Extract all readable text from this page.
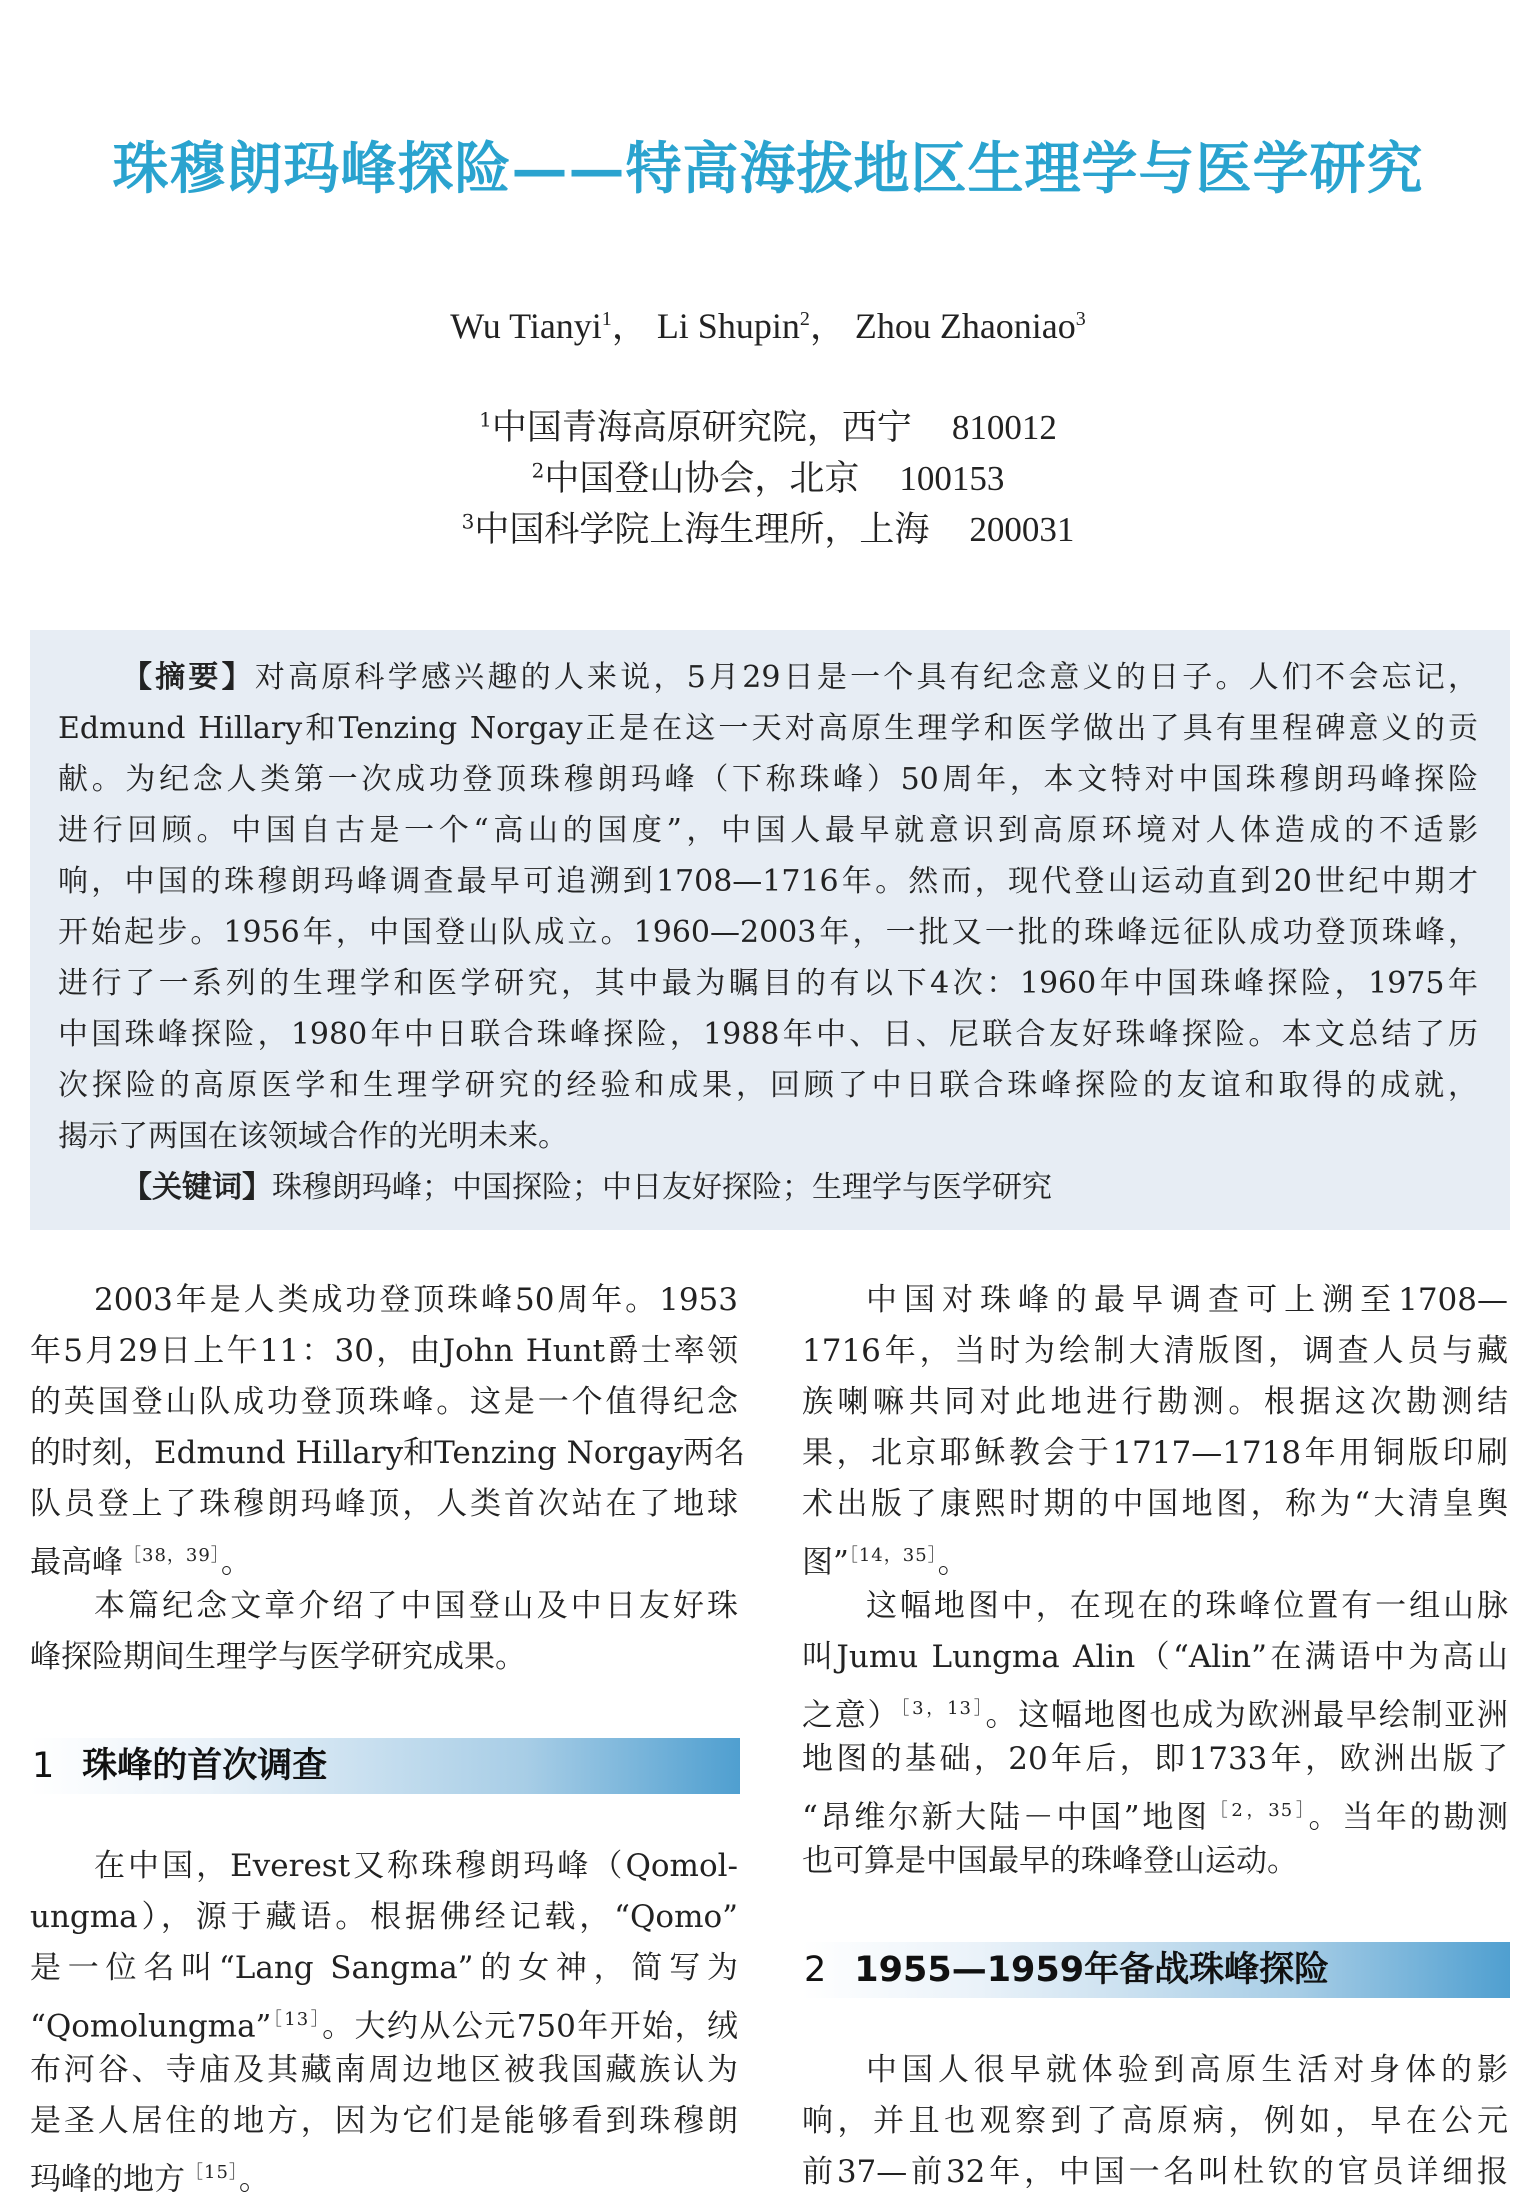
珠穆朗玛峰探险——特高海拔地区生理学与医学研究
Wu Tianyi$^1$， Li Shupin$^2$， Zhou Zhaoniao$^3$
$^1$中国青海高原研究院，西宁 810012
$^2$中国登山协会，北京 100153
$^3$中国科学院上海生理所，上海 200031
【摘要】对高原科学感兴趣的人来说，5月29日是一个具有纪念意义的日子。人们不会忘记，
Edmund Hillary和Tenzing Norgay正是在这一天对高原生理学和医学做出了具有里程碑意义的贡
献。为纪念人类第一次成功登顶珠穆朗玛峰（下称珠峰）50周年，本文特对中国珠穆朗玛峰探险
进行回顾。中国自古是一个“高山的国度”，中国人最早就意识到高原环境对人体造成的不适影
响，中国的珠穆朗玛峰调查最早可追溯到1708—1716年。然而，现代登山运动直到20世纪中期才
开始起步。1956年，中国登山队成立。1960—2003年，一批又一批的珠峰远征队成功登顶珠峰，
进行了一系列的生理学和医学研究，其中最为瞩目的有以下4次：1960年中国珠峰探险，1975年
中国珠峰探险，1980年中日联合珠峰探险，1988年中、日、尼联合友好珠峰探险。本文总结了历
次探险的高原医学和生理学研究的经验和成果，回顾了中日联合珠峰探险的友谊和取得的成就，
揭示了两国在该领域合作的光明未来。
【关键词】珠穆朗玛峰；中国探险；中日友好探险；生理学与医学研究
2003年是人类成功登顶珠峰50周年。1953
年5月29日上午11：30，由John Hunt爵士率领
的英国登山队成功登顶珠峰。这是一个值得纪念
的时刻，Edmund Hillary和Tenzing Norgay两名
队员登上了珠穆朗玛峰顶，人类首次站在了地球
最高峰$^{[38,39]}$。
本篇纪念文章介绍了中国登山及中日友好珠
峰探险期间生理学与医学研究成果。
1 珠峰的首次调查
在中国，Everest又称珠穆朗玛峰（Qomol-
ungma），源于藏语。根据佛经记载，“Qomo”
是一位名叫“Lang Sangma”的女神，简写为
“Qomolungma”$^{[13]}$。大约从公元750年开始，绒
布河谷、寺庙及其藏南周边地区被我国藏族认为
是圣人居住的地方，因为它们是能够看到珠穆朗
玛峰的地方$^{[15]}$。
中国对珠峰的最早调查可上溯至1708—
1716年，当时为绘制大清版图，调查人员与藏
族喇嘛共同对此地进行勘测。根据这次勘测结
果，北京耶稣教会于1717—1718年用铜版印刷
术出版了康熙时期的中国地图，称为“大清皇舆
图”$^{[14,35]}$。
这幅地图中，在现在的珠峰位置有一组山脉
叫Jumu Lungma Alin（“Alin”在满语中为高山
之意）$^{[3,13]}$。这幅地图也成为欧洲最早绘制亚洲
地图的基础，20年后，即1733年，欧洲出版了
“昂维尔新大陆－中国”地图$^{[2,35]}$。当年的勘测
也可算是中国最早的珠峰登山运动。
2 1955—1959年备战珠峰探险
中国人很早就体验到高原生活对身体的影
响，并且也观察到了高原病，例如，早在公元
前37—前32年，中国一名叫杜钦的官员详细报
